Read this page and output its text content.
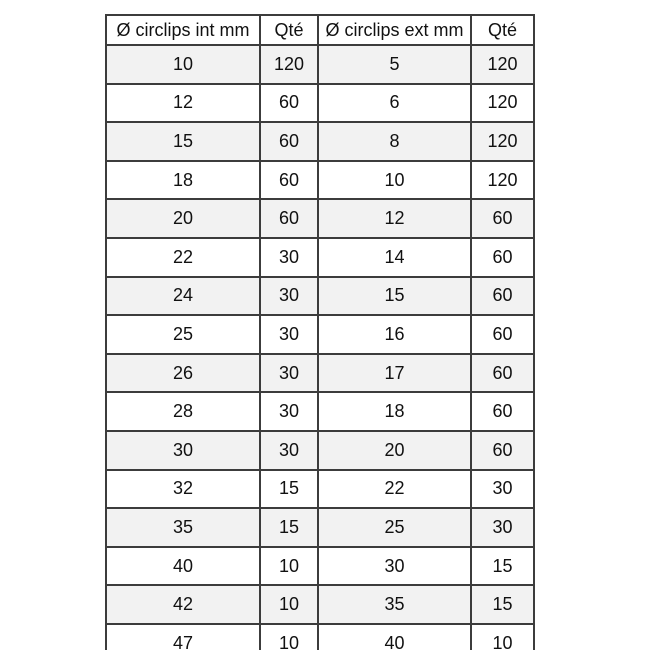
Ø circlips int mm	Qté	Ø circlips ext mm	Qté
10	120	5	120
12	60	6	120
15	60	8	120
18	60	10	120
20	60	12	60
22	30	14	60
24	30	15	60
25	30	16	60
26	30	17	60
28	30	18	60
30	30	20	60
32	15	22	30
35	15	25	30
40	10	30	15
42	10	35	15
47	10	40	10
